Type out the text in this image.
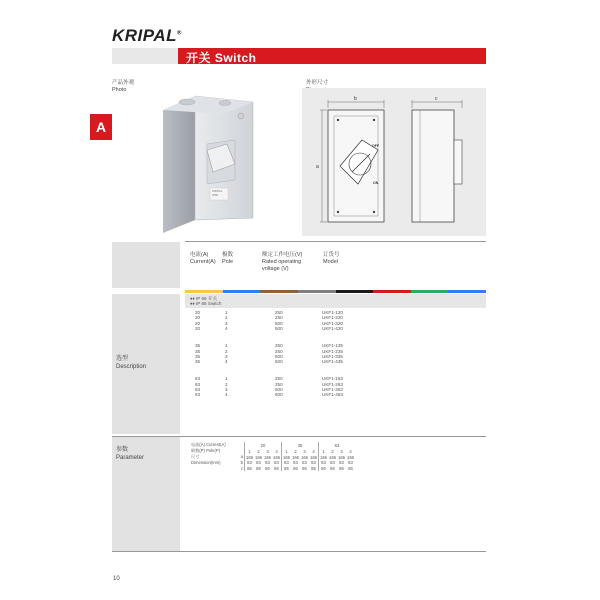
KRIPAL®
开关 Switch
A
产品外观
Photo
KRIPAL
IP66
外形尺寸
a
b	c
OFF
ON
电流(A)
Current(A)
极数
Pole
额定工作电压(V)
Rated operating voltage (V)
订货号
Model
选型
Description
♦♦ IP 66 开关
♦♦ IP 66 Switch
20	1	250	UKF1-120
20	2	250	UKF1-220
20	3	500	UKF1-320
20	4	500	UKF1-420
35	1	250	UKF1-135
35	2	250	UKF1-235
35	3	500	UKF1-335
35	4	500	UKF1-435
63	1	250	UKF1-163
63	2	250	UKF1-263
63	3	500	UKF1-363
63	4	500	UKF1-463
参数
Parameter
电流(A) Current(A)	20				35				63			
极数(P) Pole(P)	1	2	3	4	1	2	3	4	1	2	3	4
尺寸 a	166	166	166	166	166	166	166	166	166	166	166	166
Dimension(mm) b	83	83	83	83	83	83	83	83	83	83	83	83

c	86	86	86	86	86	86	86	86	86	86	86	86
10
